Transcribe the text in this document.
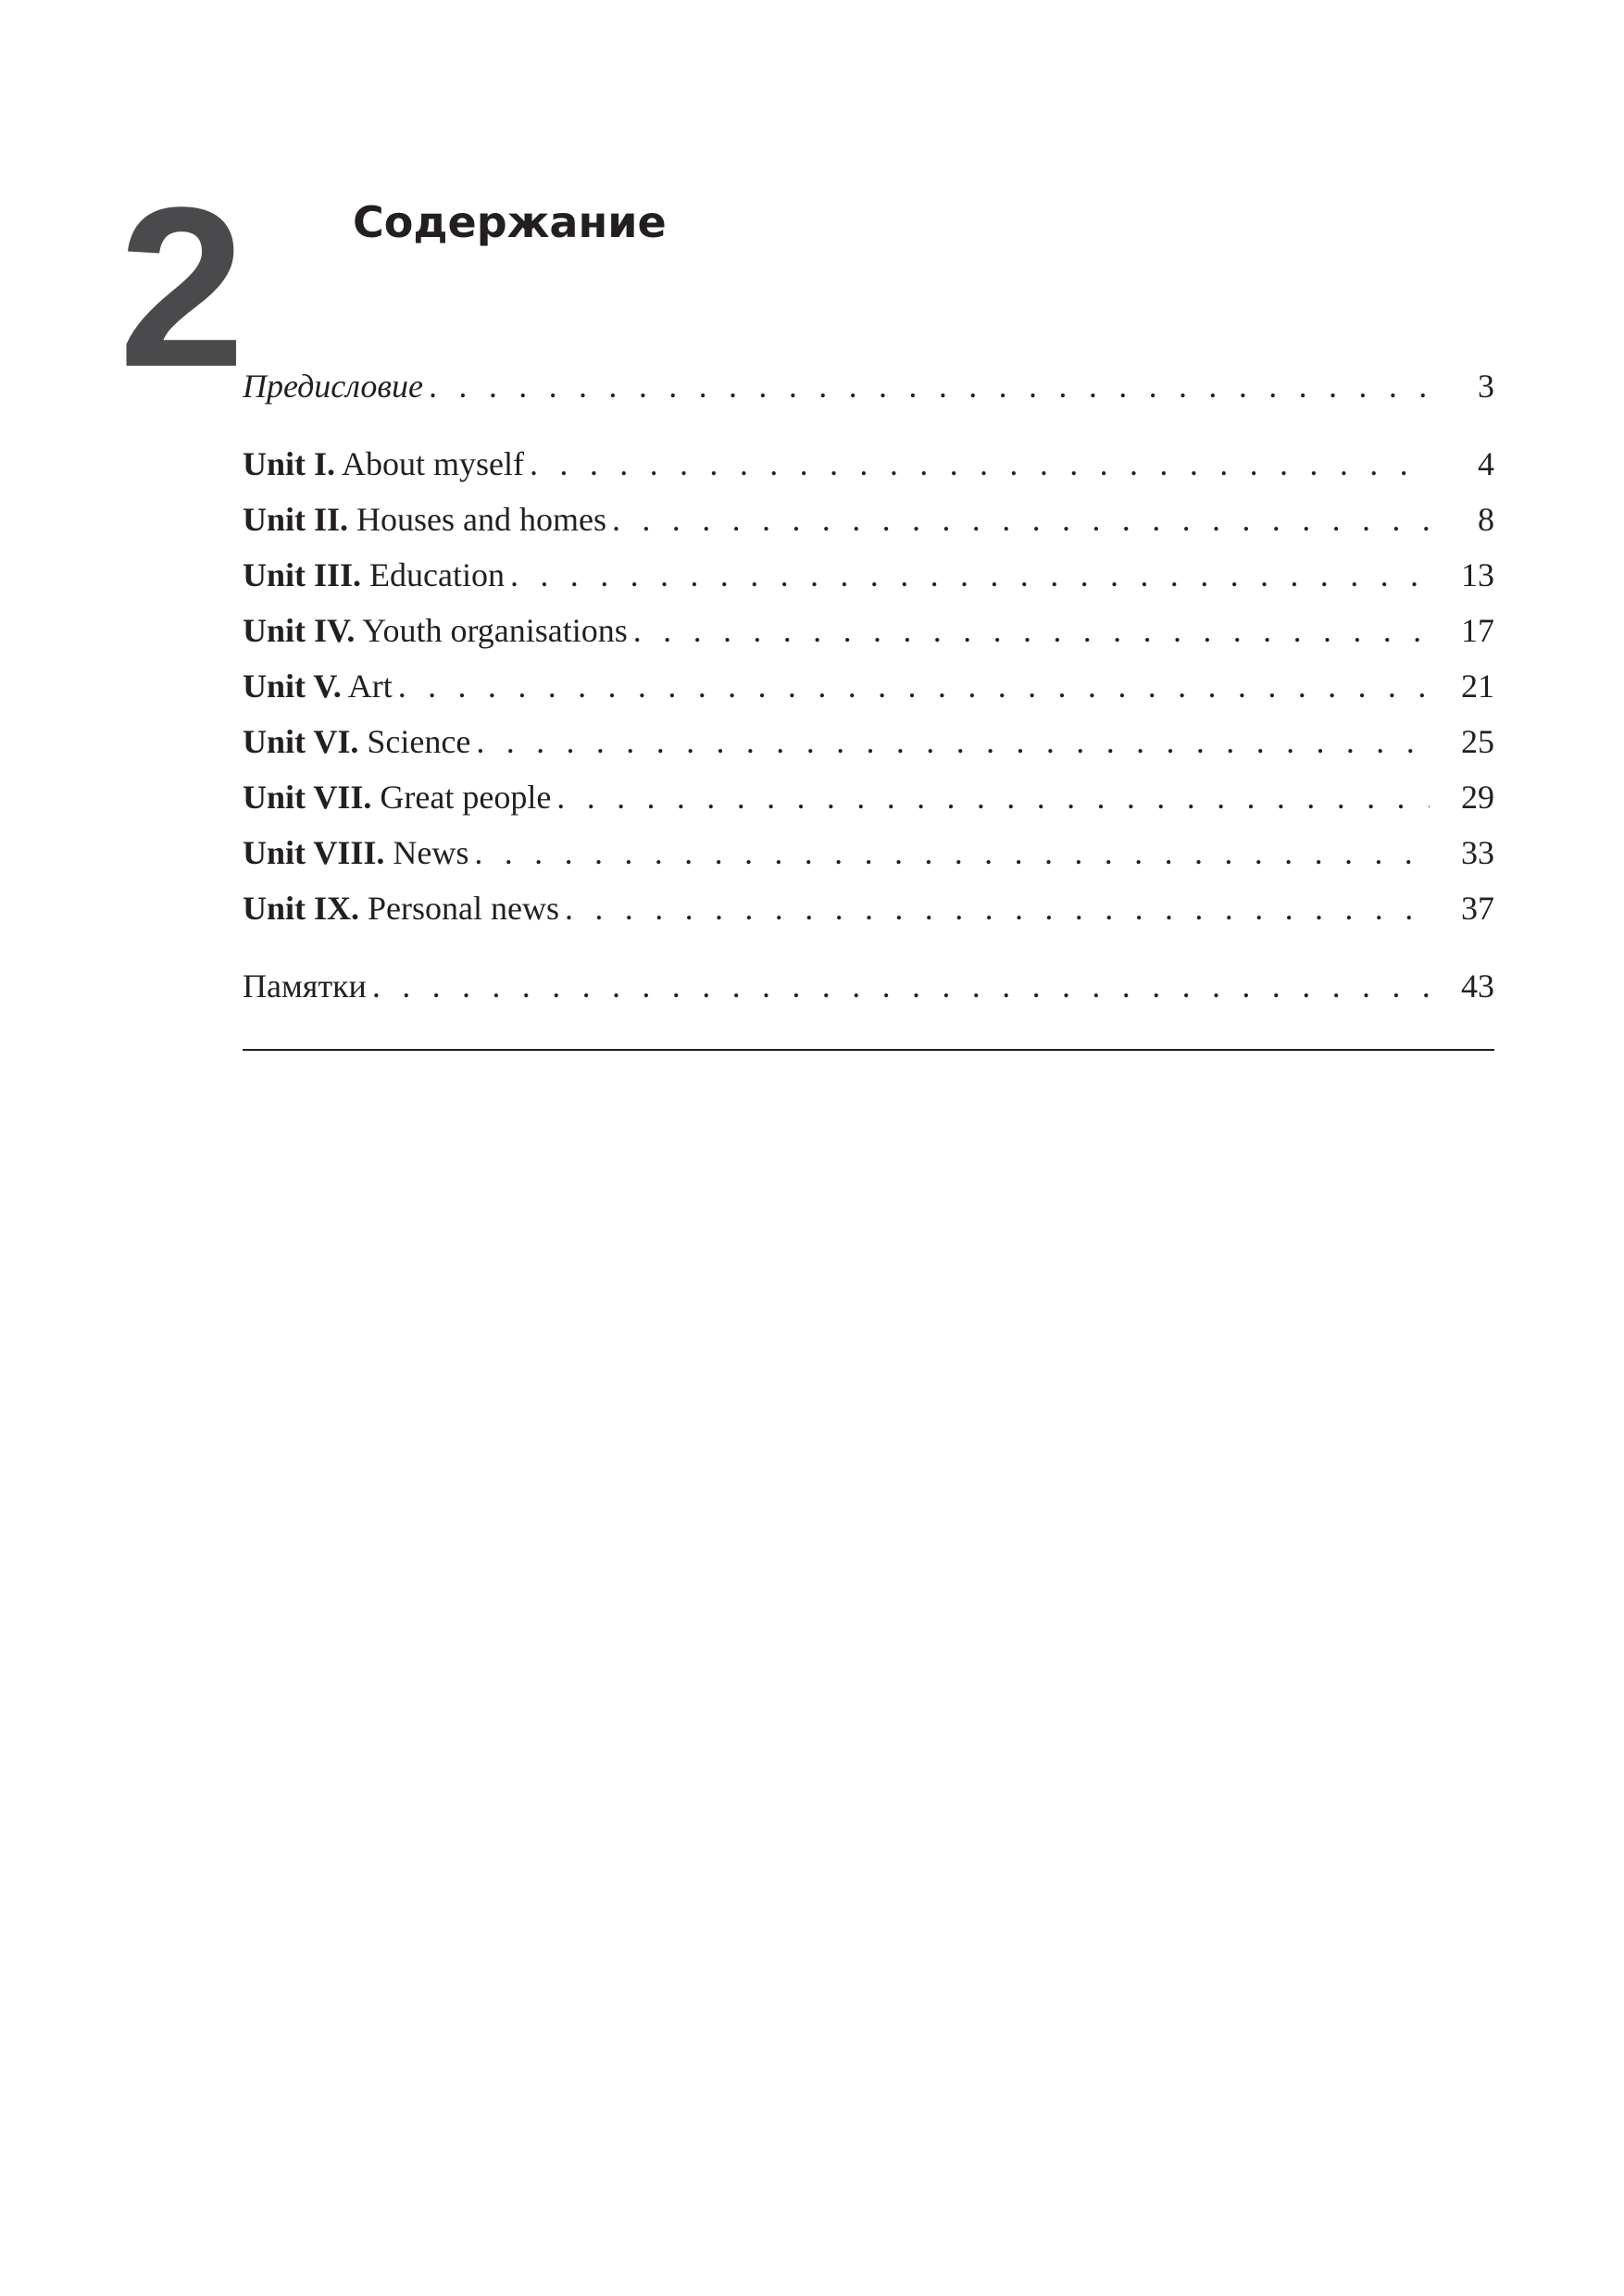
2	Содержание
Предисловие . . .	3
Unit I. About myself . . .	4
Unit II. Houses and homes . . .	8
Unit III. Education . . .	13
Unit IV. Youth organisations . . .	17
Unit V. Art . . .	21
Unit VI. Science . . .	25
Unit VII. Great people . . .	29
Unit VIII. News . . .	33
Unit IX. Personal news . . .	37
Памятки . . .	43
